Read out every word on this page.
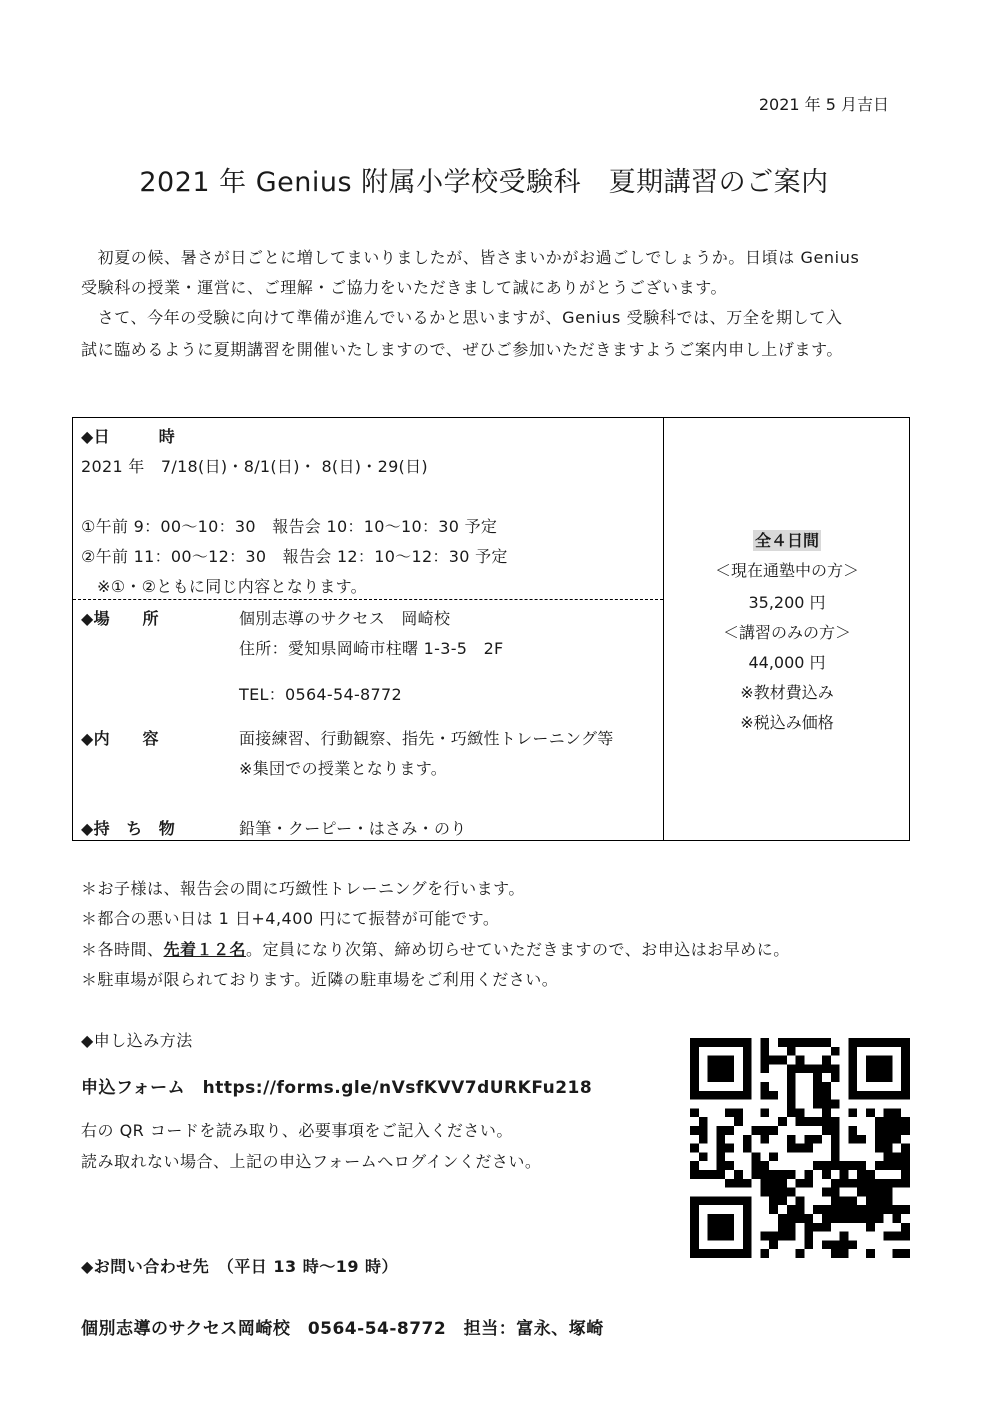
2021 年 5 月吉日
2021 年 Genius 附属小学校受験科　夏期講習のご案内
　初夏の候、暑さが日ごとに増してまいりましたが、皆さまいかがお過ごしでしょうか。日頃は Genius
受験科の授業・運営に、ご理解・ご協力をいただきまして誠にありがとうございます。
　さて、今年の受験に向けて準備が進んでいるかと思いますが、Genius 受験科では、万全を期して入
試に臨めるように夏期講習を開催いたしますので、ぜひご参加いただきますようご案内申し上げます。
◆日　　　時
2021 年　7/18(日)・8/1(日)・ 8(日)・29(日)
①午前 9：00〜10：30　報告会 10：10〜10：30 予定
②午前 11：00〜12：30　報告会 12：10〜12：30 予定
※①・②ともに同じ内容となります。
◆場　　所	個別志導のサクセス　岡崎校
住所：愛知県岡崎市柱曙 1-3-5　2F
TEL：0564-54-8772
◆内　　容	面接練習、行動観察、指先・巧緻性トレーニング等
※集団での授業となります。
◆持　ち　物	鉛筆・クーピー・はさみ・のり
全４日間
＜現在通塾中の方＞
35,200 円
＜講習のみの方＞
44,000 円
※教材費込み
※税込み価格
＊お子様は、報告会の間に巧緻性トレーニングを行います。
＊都合の悪い日は 1 日+4,400 円にて振替が可能です。
＊各時間、先着１２名。定員になり次第、締め切らせていただきますので、お申込はお早めに。
＊駐車場が限られております。近隣の駐車場をご利用ください。
◆申し込み方法
申込フォーム　https://forms.gle/nVsfKVV7dURKFu218
右の QR コードを読み取り、必要事項をご記入ください。
読み取れない場合、上記の申込フォームへログインください。
◆お問い合わせ先　（平日 13 時〜19 時）
個別志導のサクセス岡崎校　0564-54-8772　担当：富永、塚崎
